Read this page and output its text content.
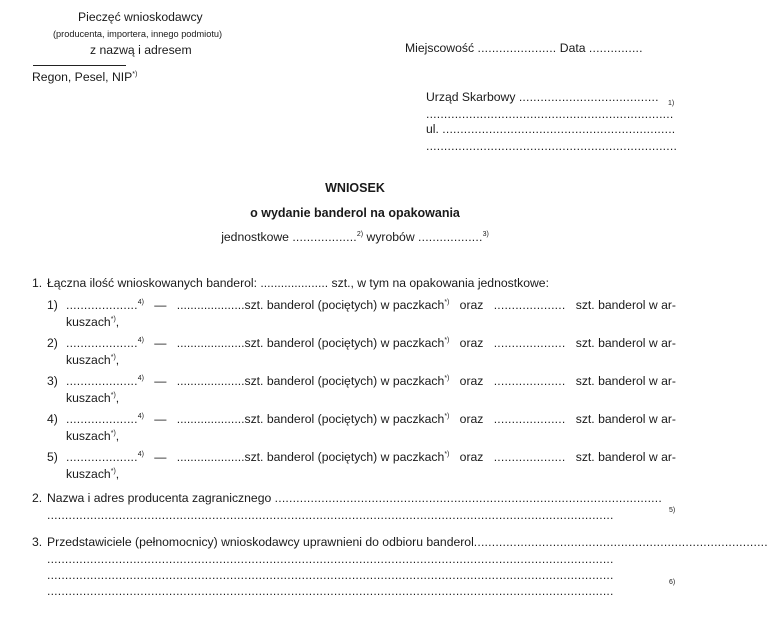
Pieczęć wnioskodawcy
(producenta, importera, innego podmiotu)
z nazwą i adresem
Regon, Pesel, NIP*)
Miejscowość ...................... Data ...............
Urząd Skarbowy .......................................
.....................................................................
1)
ul. .................................................................
......................................................................
WNIOSEK
o wydanie banderol na opakowania
jednostkowe ..................$^{2)}$ wyrobów ..................$^{3)}$
1. Łączna ilość wnioskowanych banderol: .................... szt., w tym na opakowania jednostkowe:
1) ....................$^{4)}$ — ....................szt. banderol (pociętych) w paczkach*) oraz .................... szt. banderol w ar-
kuszach*),
2) ....................$^{4)}$ — ....................szt. banderol (pociętych) w paczkach*) oraz .................... szt. banderol w ar-
kuszach*),
3) ....................$^{4)}$ — ....................szt. banderol (pociętych) w paczkach*) oraz .................... szt. banderol w ar-
kuszach*),
4) ....................$^{4)}$ — ....................szt. banderol (pociętych) w paczkach*) oraz .................... szt. banderol w ar-
kuszach*),
5) ....................$^{4)}$ — ....................szt. banderol (pociętych) w paczkach*) oraz .................... szt. banderol w ar-
kuszach*),
2. Nazwa i adres producenta zagranicznego ............................................................................................................
..............................................................................................................................................................	5)
3. Przedstawiciele (pełnomocnicy) wnioskodawcy uprawnieni do odbioru banderol..................................................................................
..............................................................................................................................................................
..............................................................................................................................................................
..............................................................................................................................................................
6)
